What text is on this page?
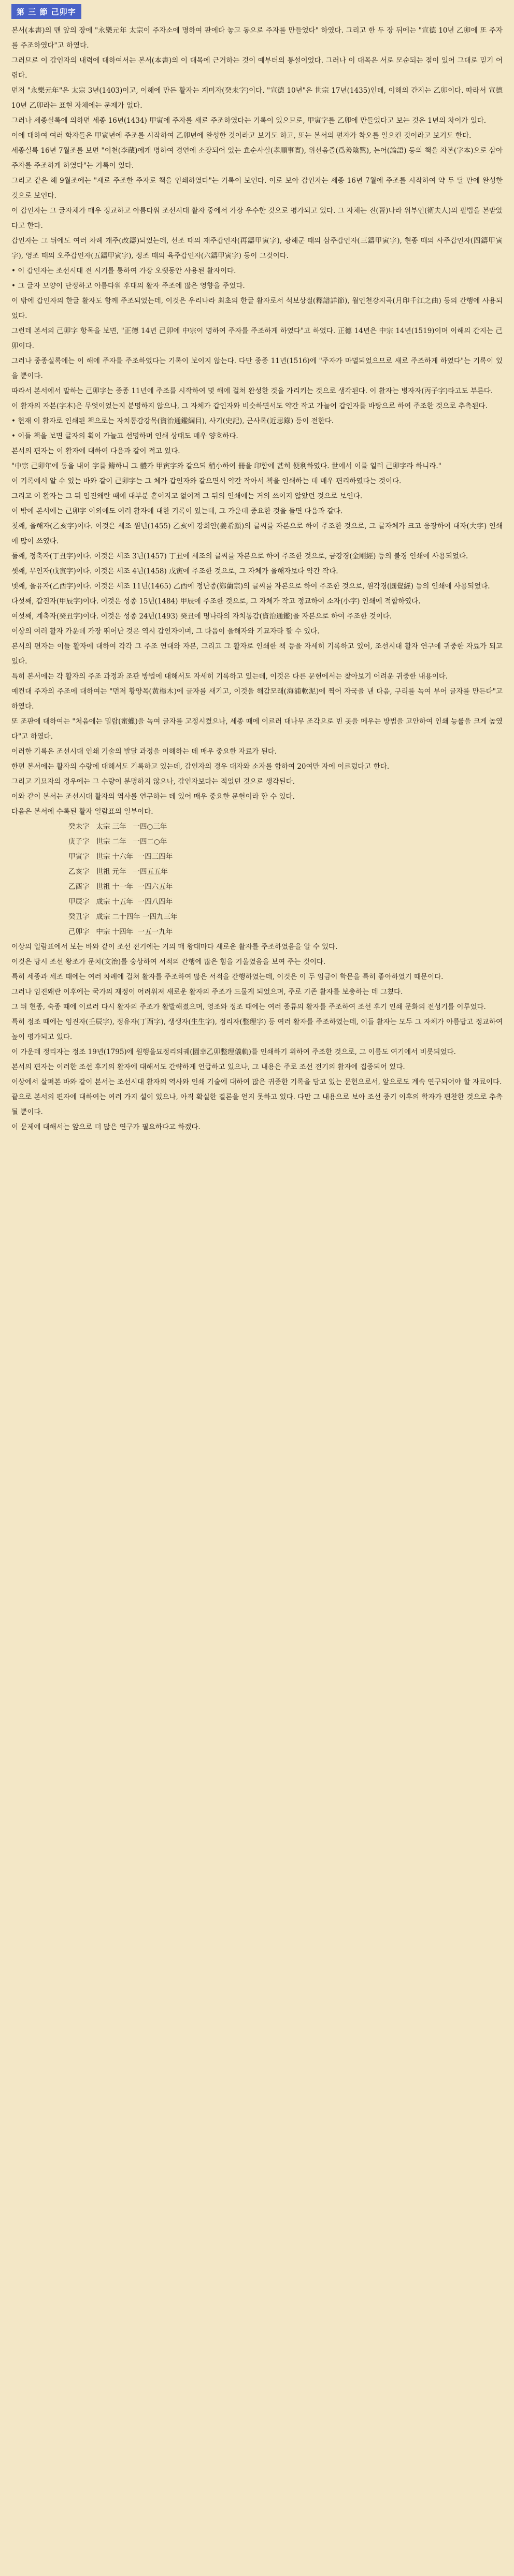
第 三 節 己卯字

본서(本書)의 맨 앞의 장에 "永樂元年 太宗이 주자소에 명하여 판에다 놓고 동으로 주자를 만들었다" 하였다. 그리고 한 두 장 뒤에는 "宣德 10년 乙卯에 또 주자를 주조하였다"고 하였다.

그러므로 이 갑인자의 내력에 대하여서는 본서(本書)의 이 대목에 근거하는 것이 예부터의 통설이었다. 그러나 이 대목은 서로 모순되는 점이 있어 그대로 믿기 어렵다.

먼저 "永樂元年"은 太宗 3년(1403)이고, 이해에 만든 활자는 계미자(癸未字)이다. "宣德 10년"은 世宗 17년(1435)인데, 이해의 간지는 乙卯이다. 따라서 宣德 10년 乙卯라는 표현 자체에는 문제가 없다.

그러나 세종실록에 의하면 세종 16년(1434) 甲寅에 주자를 새로 주조하였다는 기록이 있으므로, 甲寅字를 乙卯에 만들었다고 보는 것은 1년의 차이가 있다.

이에 대하여 여러 학자들은 甲寅년에 주조를 시작하여 乙卯년에 완성한 것이라고 보기도 하고, 또는 본서의 편자가 착오를 일으킨 것이라고 보기도 한다.

세종실록 16년 7월조를 보면 "이천(李蕆)에게 명하여 경연에 소장되어 있는 효순사실(孝順事實), 위선음즐(爲善陰騭), 논어(論語) 등의 책을 자본(字本)으로 삼아 주자를 주조하게 하였다"는 기록이 있다.

그리고 같은 해 9월조에는 "새로 주조한 주자로 책을 인쇄하였다"는 기록이 보인다. 이로 보아 갑인자는 세종 16년 7월에 주조를 시작하여 약 두 달 만에 완성한 것으로 보인다.

이 갑인자는 그 글자체가 매우 정교하고 아름다워 조선시대 활자 중에서 가장 우수한 것으로 평가되고 있다. 그 자체는 진(晉)나라 위부인(衛夫人)의 필법을 본받았다고 한다.

갑인자는 그 뒤에도 여러 차례 개주(改鑄)되었는데, 선조 때의 재주갑인자(再鑄甲寅字), 광해군 때의 삼주갑인자(三鑄甲寅字), 현종 때의 사주갑인자(四鑄甲寅字), 영조 때의 오주갑인자(五鑄甲寅字), 정조 때의 육주갑인자(六鑄甲寅字) 등이 그것이다.

• 이 갑인자는 조선시대 전 시기를 통하여 가장 오랫동안 사용된 활자이다.

• 그 글자 모양이 단정하고 아름다워 후대의 활자 주조에 많은 영향을 주었다.

이 밖에 갑인자의 한글 활자도 함께 주조되었는데, 이것은 우리나라 최초의 한글 활자로서 석보상절(釋譜詳節), 월인천강지곡(月印千江之曲) 등의 간행에 사용되었다.

그런데 본서의 己卯字 항목을 보면, "正德 14년 己卯에 中宗이 명하여 주자를 주조하게 하였다"고 하였다. 正德 14년은 中宗 14년(1519)이며 이해의 간지는 己卯이다.

그러나 중종실록에는 이 해에 주자를 주조하였다는 기록이 보이지 않는다. 다만 중종 11년(1516)에 "주자가 마멸되었으므로 새로 주조하게 하였다"는 기록이 있을 뿐이다.

따라서 본서에서 말하는 己卯字는 중종 11년에 주조를 시작하여 몇 해에 걸쳐 완성한 것을 가리키는 것으로 생각된다. 이 활자는 병자자(丙子字)라고도 부른다.

이 활자의 자본(字本)은 무엇이었는지 분명하지 않으나, 그 자체가 갑인자와 비슷하면서도 약간 작고 가늘어 갑인자를 바탕으로 하여 주조한 것으로 추측된다.

• 현재 이 활자로 인쇄된 책으로는 자치통감강목(資治通鑑綱目), 사기(史記), 근사록(近思錄) 등이 전한다.

• 이들 책을 보면 글자의 획이 가늘고 선명하며 인쇄 상태도 매우 양호하다.

본서의 편자는 이 활자에 대하여 다음과 같이 적고 있다.

"中宗 己卯年에 동을 내어 字를 鑄하니 그 體가 甲寅字와 같으되 稍小하여 冊을 印함에 甚히 便利하였다. 世에서 이를 일러 己卯字라 하니라."

이 기록에서 알 수 있는 바와 같이 己卯字는 그 체가 갑인자와 같으면서 약간 작아서 책을 인쇄하는 데 매우 편리하였다는 것이다.

그리고 이 활자는 그 뒤 임진왜란 때에 대부분 흩어지고 없어져 그 뒤의 인쇄에는 거의 쓰이지 않았던 것으로 보인다.

이 밖에 본서에는 己卯字 이외에도 여러 활자에 대한 기록이 있는데, 그 가운데 중요한 것을 들면 다음과 같다.

첫째, 을해자(乙亥字)이다. 이것은 세조 원년(1455) 乙亥에 강희안(姜希顔)의 글씨를 자본으로 하여 주조한 것으로, 그 글자체가 크고 웅장하여 대자(大字) 인쇄에 많이 쓰였다.

둘째, 정축자(丁丑字)이다. 이것은 세조 3년(1457) 丁丑에 세조의 글씨를 자본으로 하여 주조한 것으로, 금강경(金剛經) 등의 불경 인쇄에 사용되었다.

셋째, 무인자(戊寅字)이다. 이것은 세조 4년(1458) 戊寅에 주조한 것으로, 그 자체가 을해자보다 약간 작다.

넷째, 을유자(乙酉字)이다. 이것은 세조 11년(1465) 乙酉에 정난종(鄭蘭宗)의 글씨를 자본으로 하여 주조한 것으로, 원각경(圓覺經) 등의 인쇄에 사용되었다.

다섯째, 갑진자(甲辰字)이다. 이것은 성종 15년(1484) 甲辰에 주조한 것으로, 그 자체가 작고 정교하여 소자(小字) 인쇄에 적합하였다.

여섯째, 계축자(癸丑字)이다. 이것은 성종 24년(1493) 癸丑에 명나라의 자치통감(資治通鑑)을 자본으로 하여 주조한 것이다.

이상의 여러 활자 가운데 가장 뛰어난 것은 역시 갑인자이며, 그 다음이 을해자와 기묘자라 할 수 있다.

본서의 편자는 이들 활자에 대하여 각각 그 주조 연대와 자본, 그리고 그 활자로 인쇄한 책 등을 자세히 기록하고 있어, 조선시대 활자 연구에 귀중한 자료가 되고 있다.

특히 본서에는 각 활자의 주조 과정과 조판 방법에 대해서도 자세히 기록하고 있는데, 이것은 다른 문헌에서는 찾아보기 어려운 귀중한 내용이다.

예컨대 주자의 주조에 대하여는 "먼저 황양목(黃楊木)에 글자를 새기고, 이것을 해감모래(海浦軟泥)에 찍어 자국을 낸 다음, 구리를 녹여 부어 글자를 만든다"고 하였다.

또 조판에 대하여는 "처음에는 밀랍(蜜蠟)을 녹여 글자를 고정시켰으나, 세종 때에 이르러 대나무 조각으로 빈 곳을 메우는 방법을 고안하여 인쇄 능률을 크게 높였다"고 하였다.

이러한 기록은 조선시대 인쇄 기술의 발달 과정을 이해하는 데 매우 중요한 자료가 된다.

한편 본서에는 활자의 수량에 대해서도 기록하고 있는데, 갑인자의 경우 대자와 소자를 합하여 20여만 자에 이르렀다고 한다.

그리고 기묘자의 경우에는 그 수량이 분명하지 않으나, 갑인자보다는 적었던 것으로 생각된다.

이와 같이 본서는 조선시대 활자의 역사를 연구하는 데 있어 매우 중요한 문헌이라 할 수 있다.

다음은 본서에 수록된 활자 일람표의 일부이다.

癸未字   太宗 三年   一四○三年

庚子字   世宗 二年   一四二○年

甲寅字   世宗 十六年  一四三四年

乙亥字   世祖 元年   一四五五年

乙酉字   世祖 十一年  一四六五年

甲辰字   成宗 十五年  一四八四年

癸丑字   成宗 二十四年 一四九三年

己卯字   中宗 十四年  一五一九年

이상의 일람표에서 보는 바와 같이 조선 전기에는 거의 매 왕대마다 새로운 활자를 주조하였음을 알 수 있다.

이것은 당시 조선 왕조가 문치(文治)를 숭상하여 서적의 간행에 많은 힘을 기울였음을 보여 주는 것이다.

특히 세종과 세조 때에는 여러 차례에 걸쳐 활자를 주조하여 많은 서적을 간행하였는데, 이것은 이 두 임금이 학문을 특히 좋아하였기 때문이다.

그러나 임진왜란 이후에는 국가의 재정이 어려워져 새로운 활자의 주조가 드물게 되었으며, 주로 기존 활자를 보충하는 데 그쳤다.

그 뒤 현종, 숙종 때에 이르러 다시 활자의 주조가 활발해졌으며, 영조와 정조 때에는 여러 종류의 활자를 주조하여 조선 후기 인쇄 문화의 전성기를 이루었다.

특히 정조 때에는 임진자(壬辰字), 정유자(丁酉字), 생생자(生生字), 정리자(整理字) 등 여러 활자를 주조하였는데, 이들 활자는 모두 그 자체가 아름답고 정교하여 높이 평가되고 있다.

이 가운데 정리자는 정조 19년(1795)에 원행을묘정리의궤(園幸乙卯整理儀軌)를 인쇄하기 위하여 주조한 것으로, 그 이름도 여기에서 비롯되었다.

본서의 편자는 이러한 조선 후기의 활자에 대해서도 간략하게 언급하고 있으나, 그 내용은 주로 조선 전기의 활자에 집중되어 있다.

이상에서 살펴본 바와 같이 본서는 조선시대 활자의 역사와 인쇄 기술에 대하여 많은 귀중한 기록을 담고 있는 문헌으로서, 앞으로도 계속 연구되어야 할 자료이다.

끝으로 본서의 편자에 대하여는 여러 가지 설이 있으나, 아직 확실한 결론을 얻지 못하고 있다. 다만 그 내용으로 보아 조선 중기 이후의 학자가 편찬한 것으로 추측될 뿐이다.

이 문제에 대해서는 앞으로 더 많은 연구가 필요하다고 하겠다.
